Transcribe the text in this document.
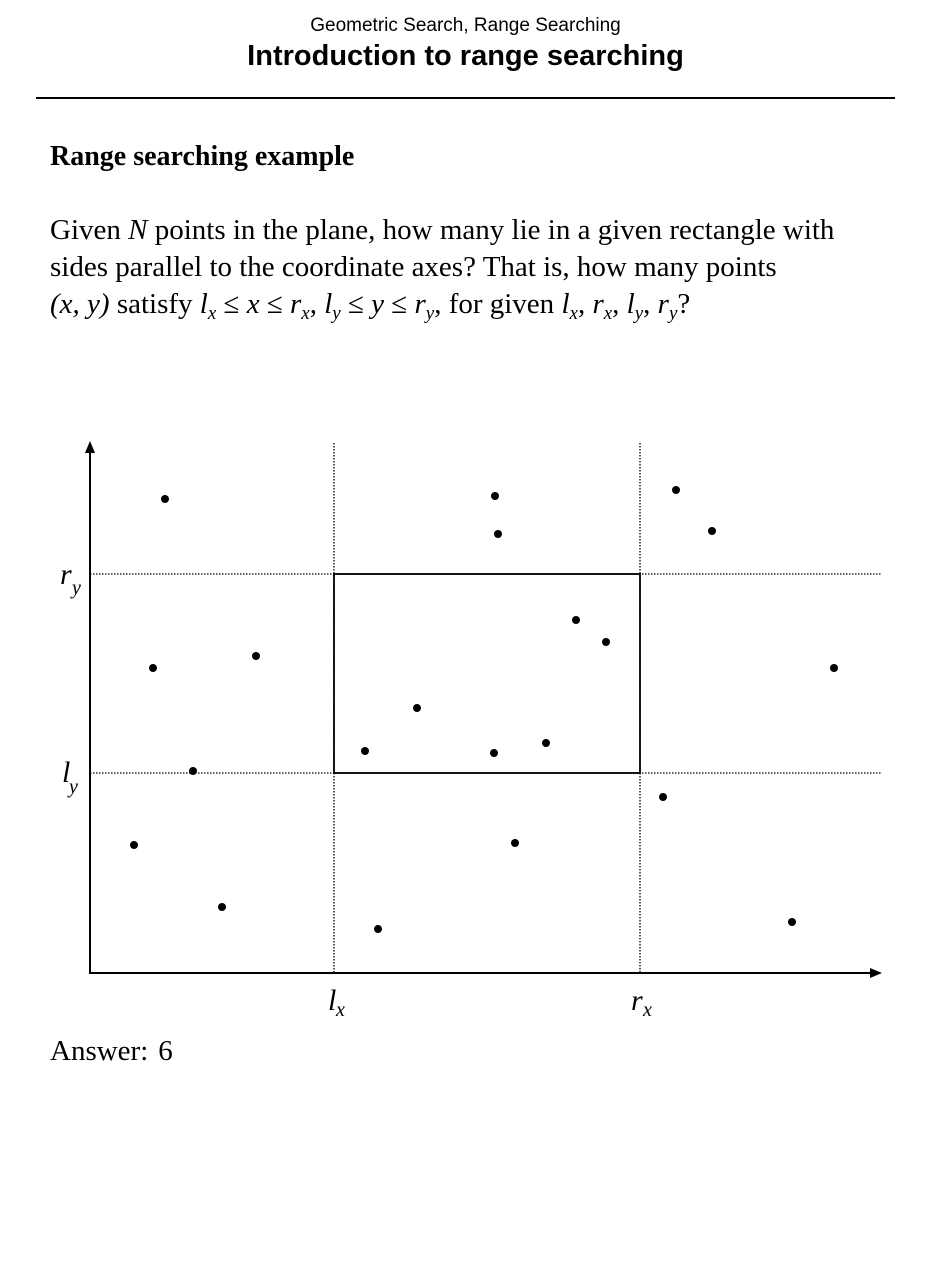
Geometric Search, Range Searching
Introduction to range searching
Range searching example
Given N points in the plane, how many lie in a given rectangle with
sides parallel to the coordinate axes? That is, how many points
(x, y) satisfy $l_x \le x \le r_x$, $l_y \le y \le r_y$, for given $l_x$, $r_x$, $l_y$, $r_y$?
r y
l
y
l x	r x
Answer: 6
